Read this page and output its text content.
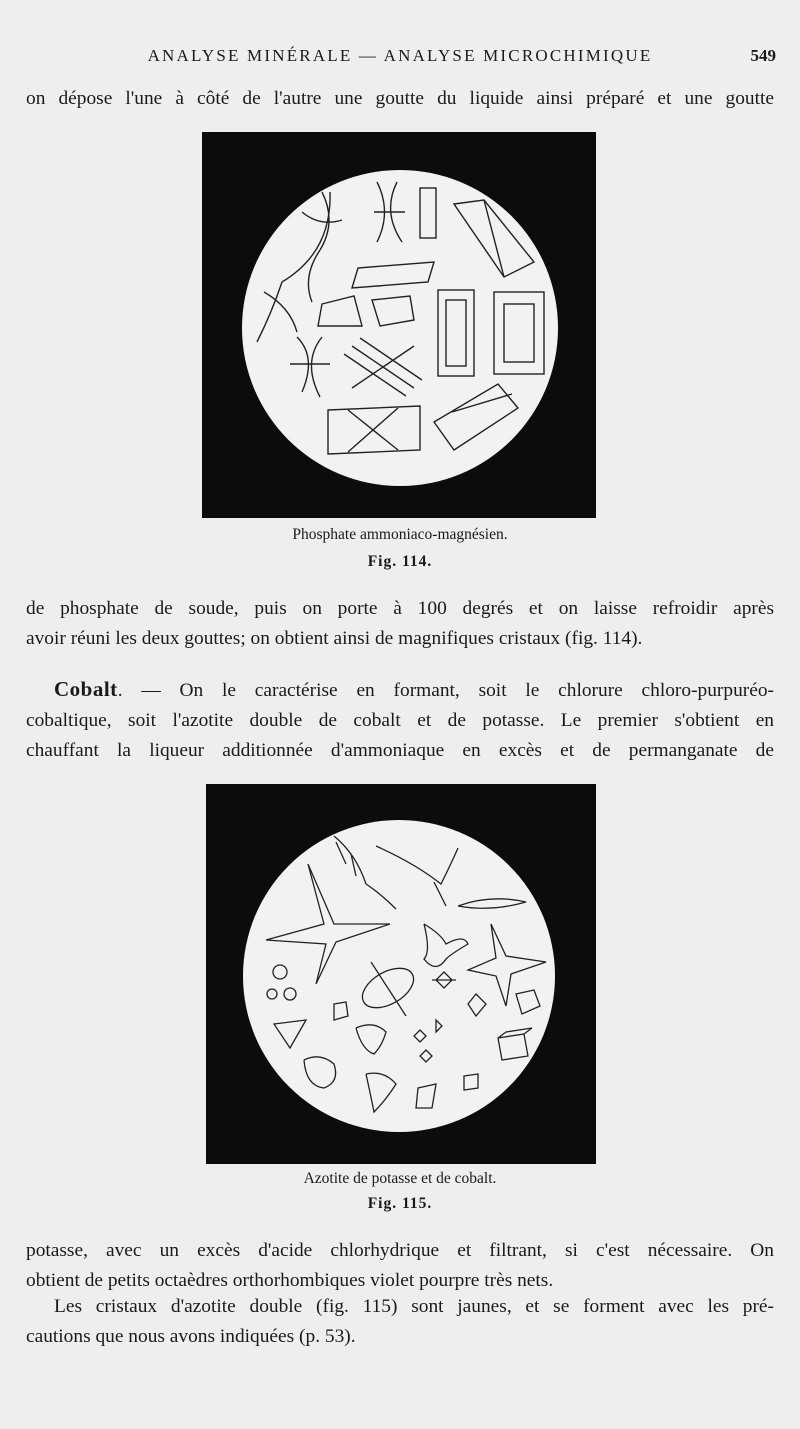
ANALYSE MINÉRALE — ANALYSE MICROCHIMIQUE	549
on dépose l'une à côté de l'autre une goutte du liquide ainsi préparé et une goutte
Phosphate ammoniaco-magnésien.
Fig. 114.
de phosphate de soude, puis on porte à 100 degrés et on laisse refroidir après
avoir réuni les deux gouttes; on obtient ainsi de magnifiques cristaux (fig. 114).
Cobalt. — On le caractérise en formant, soit le chlorure chloro-purpuréo-
cobaltique, soit l'azotite double de cobalt et de potasse. Le premier s'obtient en
chauffant la liqueur additionnée d'ammoniaque en excès et de permanganate de
Azotite de potasse et de cobalt.
Fig. 115.
potasse, avec un excès d'acide chlorhydrique et filtrant, si c'est nécessaire. On
obtient de petits octaèdres orthorhombiques violet pourpre très nets.
Les cristaux d'azotite double (fig. 115) sont jaunes, et se forment avec les pré-
cautions que nous avons indiquées (p. 53).
